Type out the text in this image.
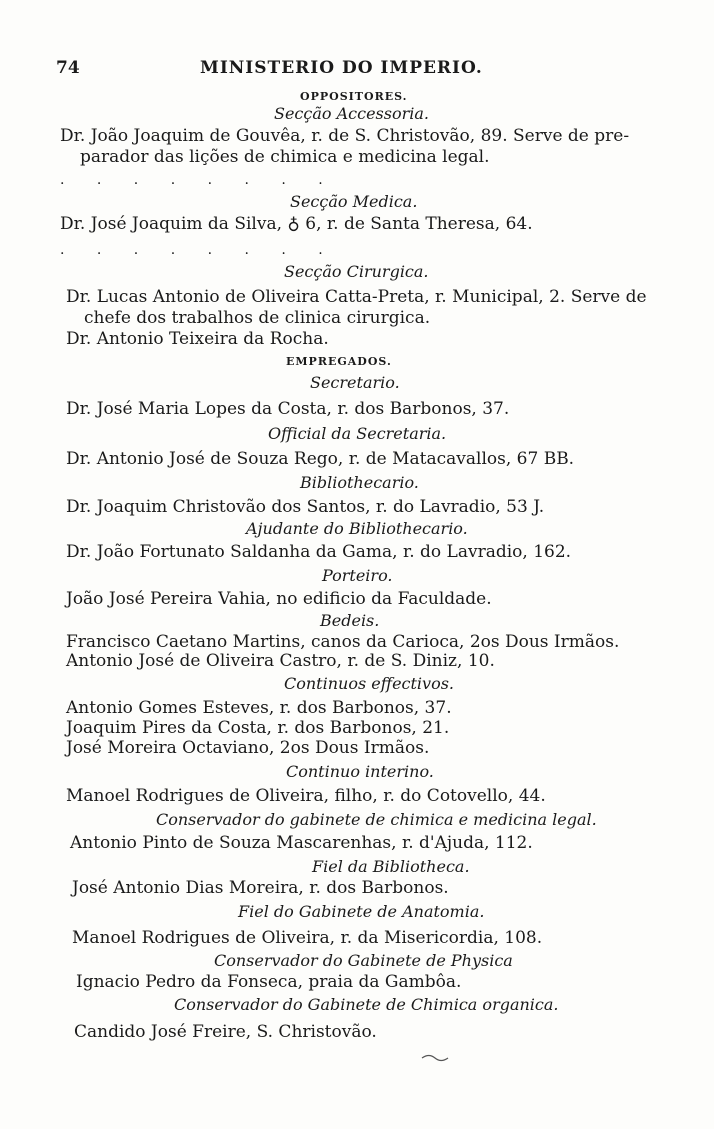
74	MINISTERIO DO IMPERIO.
OPPOSITORES.
Secção Accessoria.
Dr. João Joaquim de Gouvêa, r. de S. Christovão, 89. Serve de pre-
parador das lições de chimica e medicina legal.
. . . . . . . .
Secção Medica.
Dr. José Joaquim da Silva, ♁ 6, r. de Santa Theresa, 64.
. . . . . . . .
Secção Cirurgica.
Dr. Lucas Antonio de Oliveira Catta-Preta, r. Municipal, 2. Serve de
chefe dos trabalhos de clinica cirurgica.
Dr. Antonio Teixeira da Rocha.
EMPREGADOS.
Secretario.
Dr. José Maria Lopes da Costa, r. dos Barbonos, 37.
Official da Secretaria.
Dr. Antonio José de Souza Rego, r. de Matacavallos, 67 BB.
Bibliothecario.
Dr. Joaquim Christovão dos Santos, r. do Lavradio, 53 J.
Ajudante do Bibliothecario.
Dr. João Fortunato Saldanha da Gama, r. do Lavradio, 162.
Porteiro.
João José Pereira Vahia, no edificio da Faculdade.
Bedeis.
Francisco Caetano Martins, canos da Carioca, 2os Dous Irmãos.
Antonio José de Oliveira Castro, r. de S. Diniz, 10.
Continuos effectivos.
Antonio Gomes Esteves, r. dos Barbonos, 37.
Joaquim Pires da Costa, r. dos Barbonos, 21.
José Moreira Octaviano, 2os Dous Irmãos.
Continuo interino.
Manoel Rodrigues de Oliveira, filho, r. do Cotovello, 44.
Conservador do gabinete de chimica e medicina legal.
Antonio Pinto de Souza Mascarenhas, r. d'Ajuda, 112.
Fiel da Bibliotheca.
José Antonio Dias Moreira, r. dos Barbonos.
Fiel do Gabinete de Anatomia.
Manoel Rodrigues de Oliveira, r. da Misericordia, 108.
Conservador do Gabinete de Physica
Ignacio Pedro da Fonseca, praia da Gambôa.
Conservador do Gabinete de Chimica organica.
Candido José Freire, S. Christovão.
